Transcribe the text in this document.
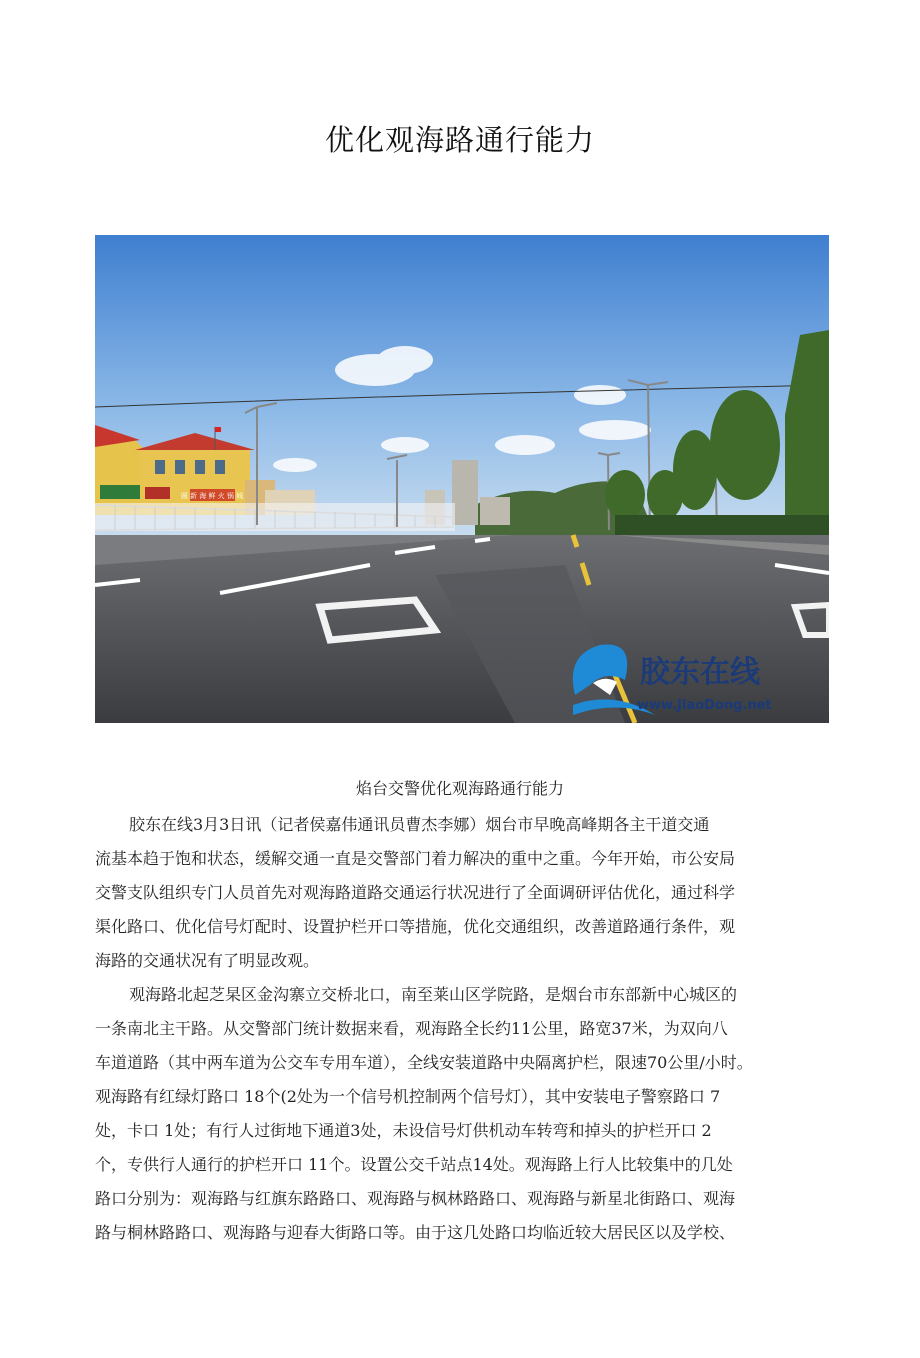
优化观海路通行能力
圆 新 海 鲜 火 锅 城
胶东在线
www.JiaoDong.net

焰台交警优化观海路通行能力

胶东在线3月3日讯（记者侯嘉伟通讯员曹杰李娜）烟台市早晚高峰期各主干道交通
流基本趋于饱和状态，缓解交通一直是交警部门着力解决的重中之重。今年开始，市公安局
交警支队组织专门人员首先对观海路道路交通运行状况进行了全面调研评估优化，通过科学
渠化路口、优化信号灯配时、设置护栏开口等措施，优化交通组织，改善道路通行条件，观
海路的交通状况有了明显改观。
观海路北起芝杲区金沟寨立交桥北口，南至莱山区学院路，是烟台市东部新中心城区的
一条南北主干路。从交警部门统计数据来看，观海路全长约11公里，路宽37米，为双向八
车道道路（其中两车道为公交车专用车道），全线安装道路中央隔离护栏，限速70公里/小时。
观海路有红绿灯路口 18个(2处为一个信号机控制两个信号灯），其中安装电子警察路口 7
处，卡口 1处；有行人过街地下通道3处，未设信号灯供机动车转弯和掉头的护栏开口 2
个，专供行人通行的护栏开口 11个。设置公交千站点14处。观海路上行人比较集中的几处
路口分别为：观海路与红旗东路路口、观海路与枫林路路口、观海路与新星北街路口、观海
路与桐林路路口、观海路与迎春大街路口等。由于这几处路口均临近较大居民区以及学校、
